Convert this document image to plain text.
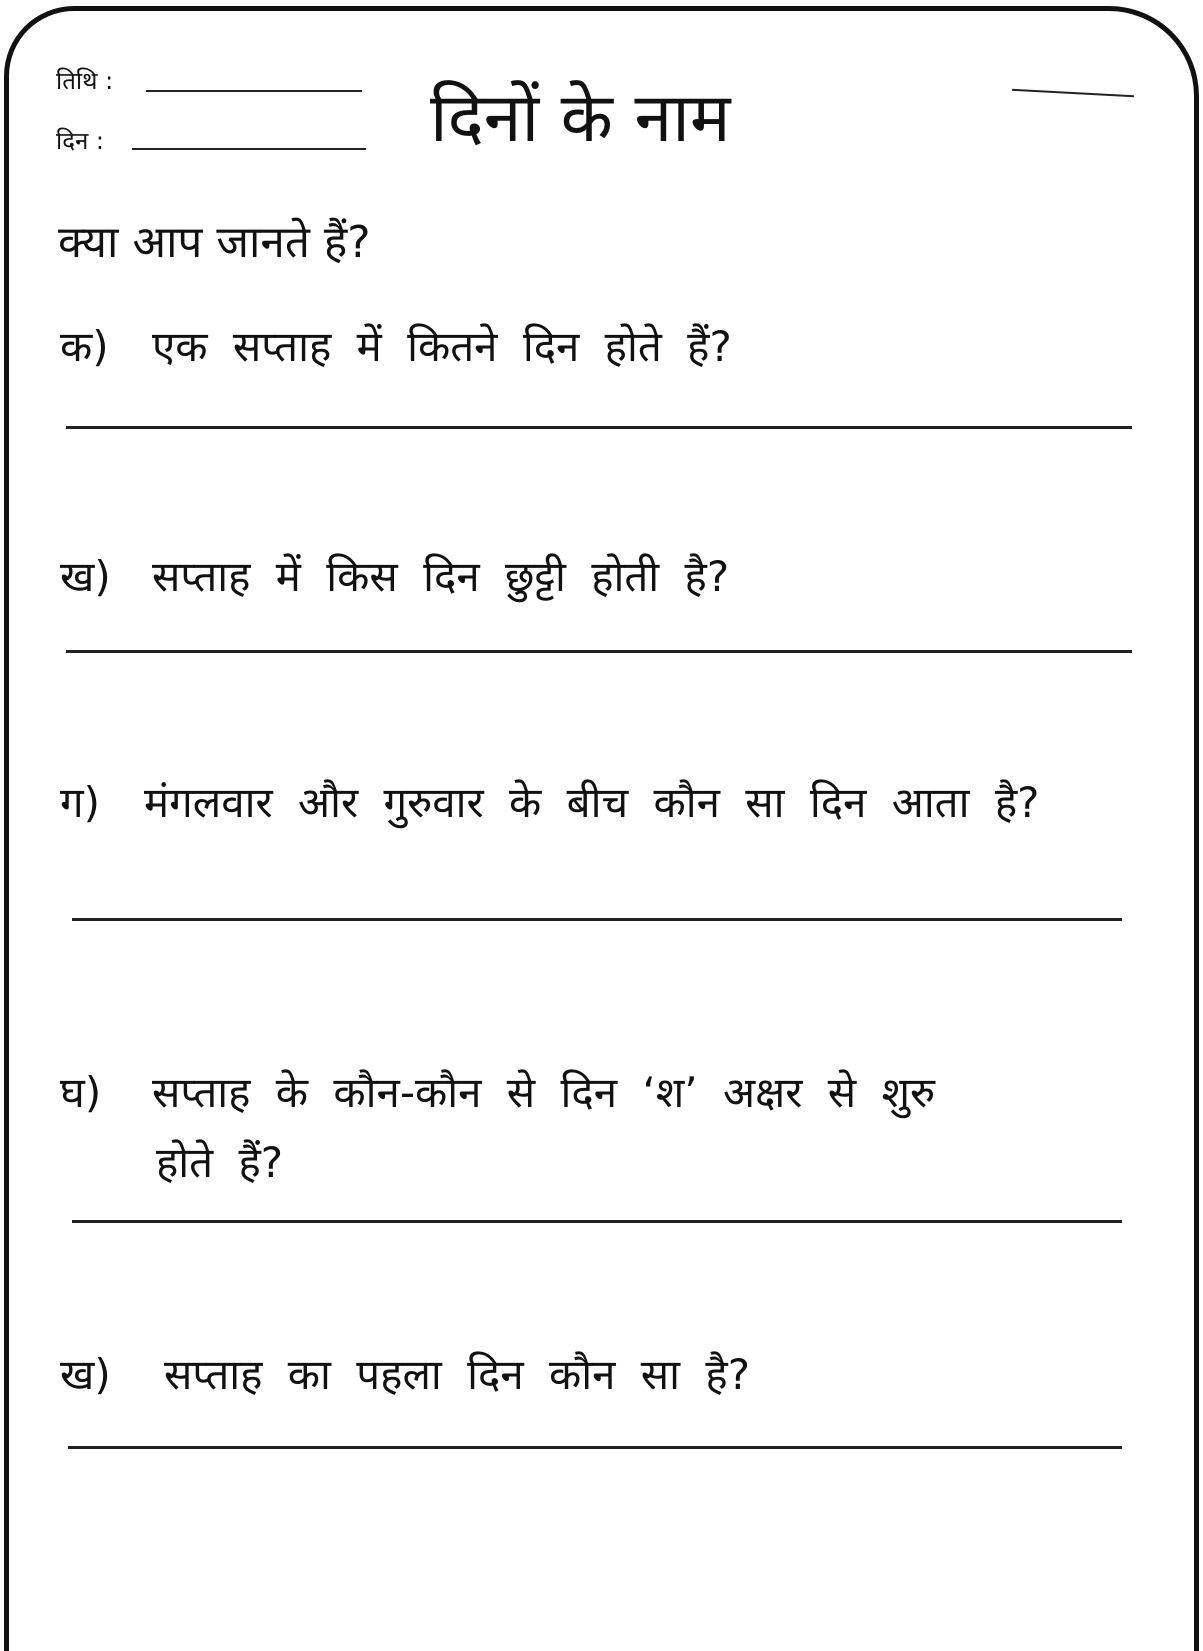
तिथि :
दिन :	दिनों के नाम
क्या आप जानते हैं?
क) एक सप्ताह में कितने दिन होते हैं?
ख) सप्ताह में किस दिन छुट्टी होती है?
ग) मंगलवार और गुरुवार के बीच कौन सा दिन आता है?
घ) सप्ताह के कौन-कौन से दिन ‘श’ अक्षर से शुरु
होते हैं?
ख) सप्ताह का पहला दिन कौन सा है?
